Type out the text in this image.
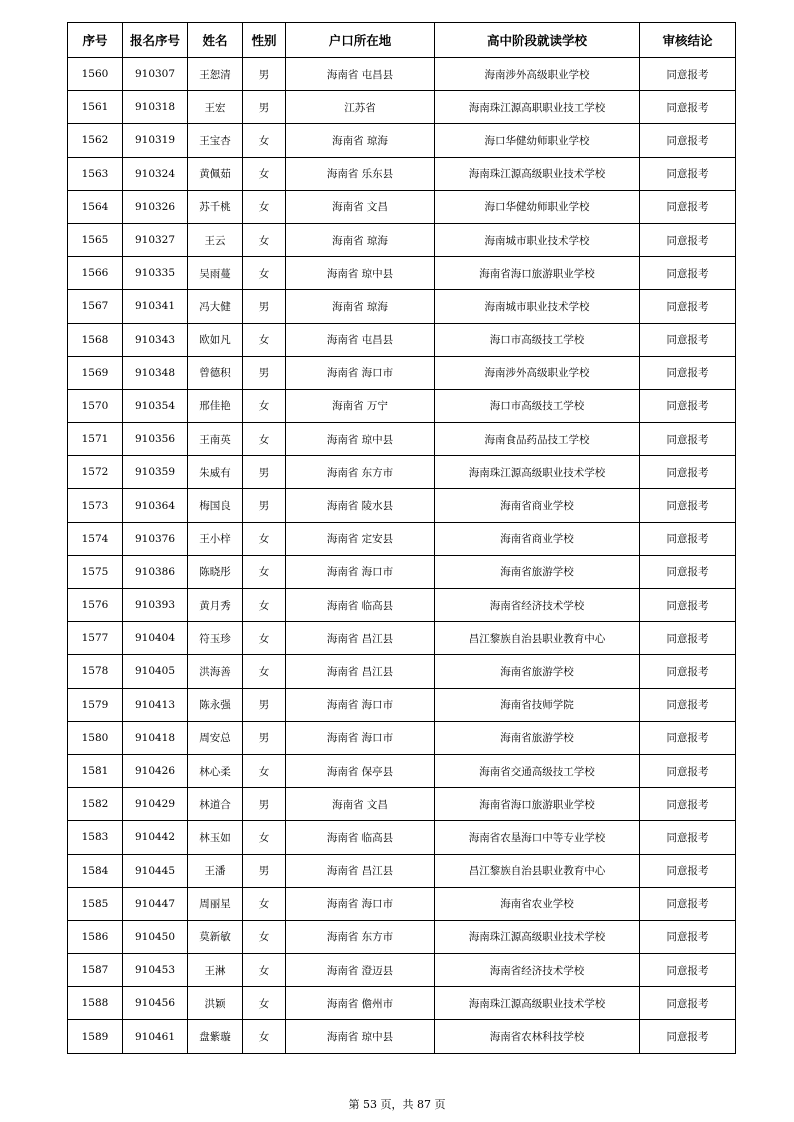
序号	报名序号	姓名	性别	户口所在地	高中阶段就读学校	审核结论
1560	910307	王恕清	男	海南省 屯昌县	海南涉外高级职业学校	同意报考
1561	910318	王宏	男	江苏省	海南珠江源高职职业技工学校	同意报考
1562	910319	王宝杏	女	海南省 琼海	海口华健幼师职业学校	同意报考
1563	910324	黄佩茹	女	海南省 乐东县	海南珠江源高级职业技术学校	同意报考
1564	910326	苏千桃	女	海南省 文昌	海口华健幼师职业学校	同意报考
1565	910327	王云	女	海南省 琼海	海南城市职业技术学校	同意报考
1566	910335	吴雨蔓	女	海南省 琼中县	海南省海口旅游职业学校	同意报考
1567	910341	冯大健	男	海南省 琼海	海南城市职业技术学校	同意报考
1568	910343	欧如凡	女	海南省 屯昌县	海口市高级技工学校	同意报考
1569	910348	曾德积	男	海南省 海口市	海南涉外高级职业学校	同意报考
1570	910354	邢佳艳	女	海南省 万宁	海口市高级技工学校	同意报考
1571	910356	王南英	女	海南省 琼中县	海南食品药品技工学校	同意报考
1572	910359	朱威有	男	海南省 东方市	海南珠江源高级职业技术学校	同意报考
1573	910364	梅国良	男	海南省 陵水县	海南省商业学校	同意报考
1574	910376	王小梓	女	海南省 定安县	海南省商业学校	同意报考
1575	910386	陈晓彤	女	海南省 海口市	海南省旅游学校	同意报考
1576	910393	黄月秀	女	海南省 临高县	海南省经济技术学校	同意报考
1577	910404	符玉珍	女	海南省 昌江县	昌江黎族自治县职业教育中心	同意报考
1578	910405	洪海善	女	海南省 昌江县	海南省旅游学校	同意报考
1579	910413	陈永强	男	海南省 海口市	海南省技师学院	同意报考
1580	910418	周安总	男	海南省 海口市	海南省旅游学校	同意报考
1581	910426	林心柔	女	海南省 保亭县	海南省交通高级技工学校	同意报考
1582	910429	林道合	男	海南省 文昌	海南省海口旅游职业学校	同意报考
1583	910442	林玉如	女	海南省 临高县	海南省农垦海口中等专业学校	同意报考
1584	910445	王潘	男	海南省 昌江县	昌江黎族自治县职业教育中心	同意报考
1585	910447	周丽星	女	海南省 海口市	海南省农业学校	同意报考
1586	910450	莫新敏	女	海南省 东方市	海南珠江源高级职业技术学校	同意报考
1587	910453	王淋	女	海南省 澄迈县	海南省经济技术学校	同意报考
1588	910456	洪颖	女	海南省 儋州市	海南珠江源高级职业技术学校	同意报考
1589	910461	盘紫璇	女	海南省 琼中县	海南省农林科技学校	同意报考
第 53 页，共 87 页
